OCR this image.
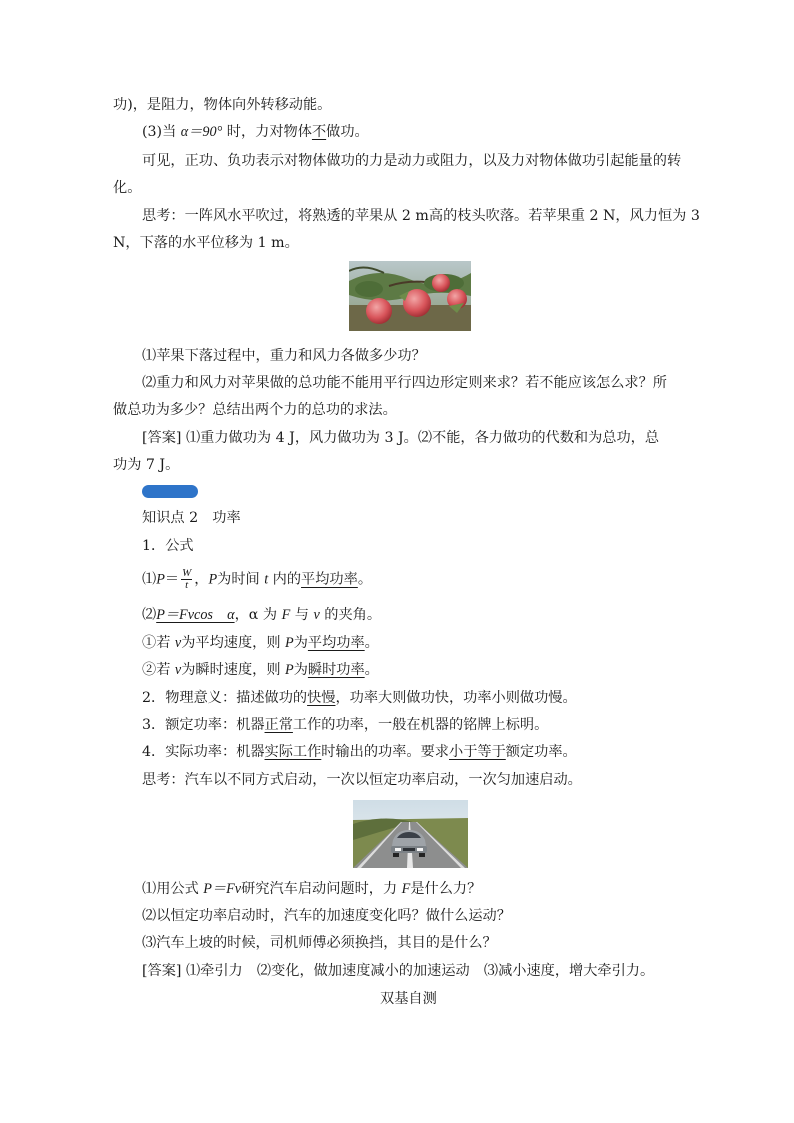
功)，是阻力，物体向外转移动能。
(3)当 α＝90° 时，力对物体不做功。
可见，正功、负功表示对物体做功的力是动力或阻力，以及力对物体做功引起能量的转
化。
思考：一阵风水平吹过，将熟透的苹果从 2 m高的枝头吹落。若苹果重 2 N，风力恒为 3
N，下落的水平位移为 1 m。
⑴苹果下落过程中，重力和风力各做多少功？
⑵重力和风力对苹果做的总功能不能用平行四边形定则来求？若不能应该怎么求？所
做总功为多少？总结出两个力的总功的求法。
[答案] ⑴重力做功为 4 J，风力做功为 3 J。⑵不能，各力做功的代数和为总功，总
功为 7 J。
知识点 2　功率
1．公式
⑴P＝ $\frac{W}{t}$ ，P为时间 t 内的平均功率。
⑵P＝Fvcos　α，α 为 F 与 v 的夹角。
①若 v为平均速度，则 P为平均功率。
②若 v为瞬时速度，则 P为瞬时功率。
2．物理意义：描述做功的快慢，功率大则做功快，功率小则做功慢。
3．额定功率：机器正常工作的功率，一般在机器的铭牌上标明。
4．实际功率：机器实际工作时输出的功率。要求小于等于额定功率。
思考：汽车以不同方式启动，一次以恒定功率启动，一次匀加速启动。
⑴用公式 P＝Fv研究汽车启动问题时，力 F是什么力？
⑵以恒定功率启动时，汽车的加速度变化吗？做什么运动？
⑶汽车上坡的时候，司机师傅必须换挡，其目的是什么？
[答案] ⑴牵引力　⑵变化，做加速度减小的加速运动　⑶减小速度，增大牵引力。
双基自测
